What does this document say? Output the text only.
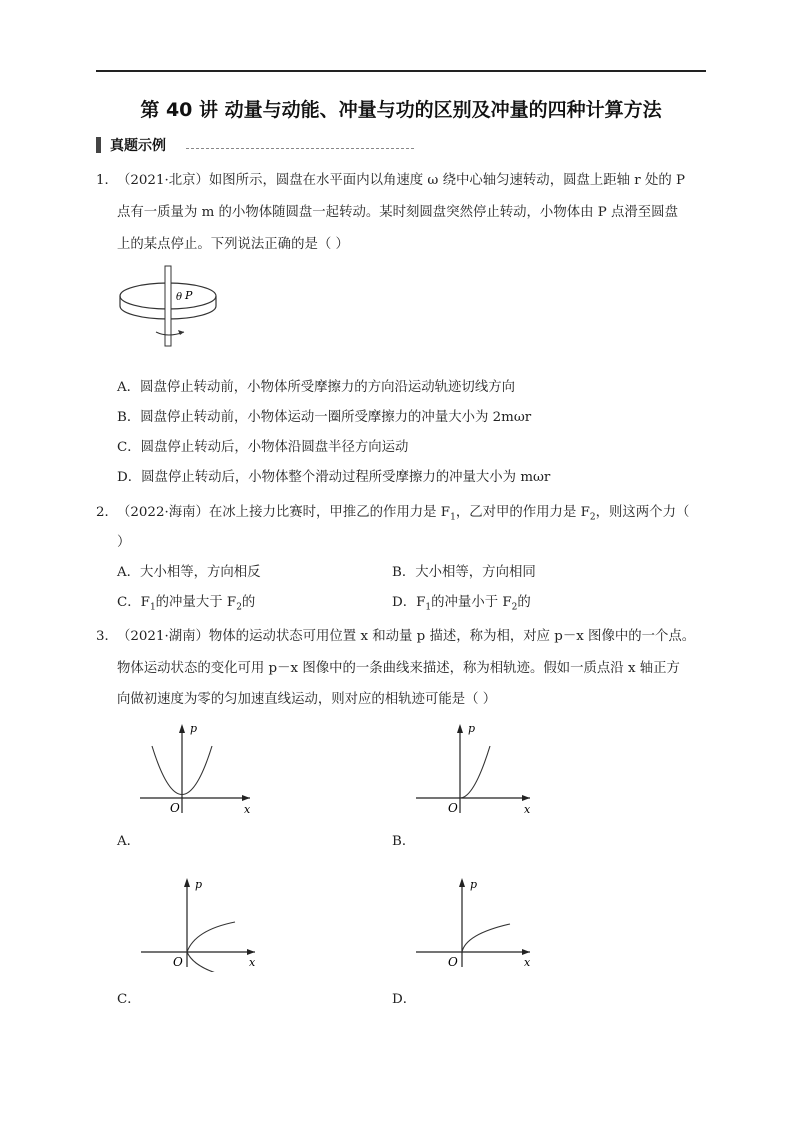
第 40 讲 动量与动能、冲量与功的区别及冲量的四种计算方法
真题示例
1． （2021·北京）如图所示，圆盘在水平面内以角速度 ω 绕中心轴匀速转动，圆盘上距轴 r 处的 P
点有一质量为 m 的小物体随圆盘一起转动。某时刻圆盘突然停止转动，小物体由 P 点滑至圆盘
上的某点停止。下列说法正确的是（ ）
θ P
A．圆盘停止转动前，小物体所受摩擦力的方向沿运动轨迹切线方向
B．圆盘停止转动前，小物体运动一圈所受摩擦力的冲量大小为 2mωr
C．圆盘停止转动后，小物体沿圆盘半径方向运动
D．圆盘停止转动后，小物体整个滑动过程所受摩擦力的冲量大小为 mωr
2． （2022·海南）在冰上接力比赛时，甲推乙的作用力是 $F_1$，乙对甲的作用力是 $F_2$，则这两个力（
）
A．大小相等，方向相反	B．大小相等，方向相同
C．$F_1$的冲量大于 $F_2$的	D．$F_1$的冲量小于 $F_2$的
3． （2021·湖南）物体的运动状态可用位置 x 和动量 p 描述，称为相，对应 p－x 图像中的一个点。
物体运动状态的变化可用 p－x 图像中的一条曲线来描述，称为相轨迹。假如一质点沿 x 轴正方
向做初速度为零的匀加速直线运动，则对应的相轨迹可能是（ ）
p
x
O
A．
p
x
O
B．
p
x
O
C．
p
x
O
D．
